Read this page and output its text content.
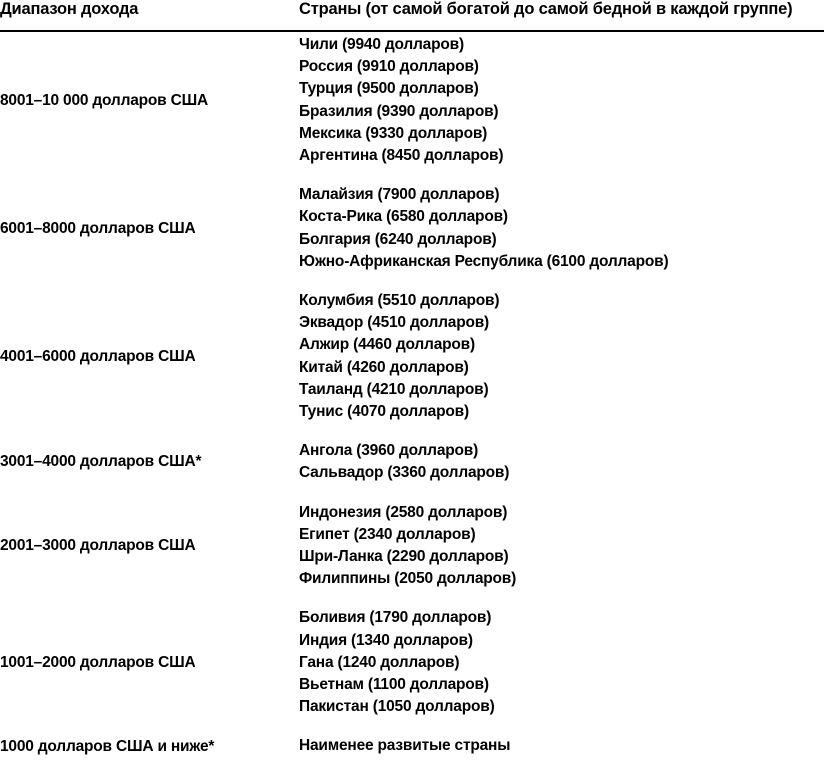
Диапазон дохода	Страны (от самой богатой до самой бедной в каждой группе)
8001–10 000 долларов США
Чили (9940 долларов)
Россия (9910 долларов)
Турция (9500 долларов)
Бразилия (9390 долларов)
Мексика (9330 долларов)
Аргентина (8450 долларов)
6001–8000 долларов США
Малайзия (7900 долларов)
Коста-Рика (6580 долларов)
Болгария (6240 долларов)
Южно-Африканская Республика (6100 долларов)
4001–6000 долларов США
Колумбия (5510 долларов)
Эквадор (4510 долларов)
Алжир (4460 долларов)
Китай (4260 долларов)
Таиланд (4210 долларов)
Тунис (4070 долларов)
3001–4000 долларов США*
Ангола (3960 долларов)
Сальвадор (3360 долларов)
2001–3000 долларов США
Индонезия (2580 долларов)
Египет (2340 долларов)
Шри-Ланка (2290 долларов)
Филиппины (2050 долларов)
1001–2000 долларов США
Боливия (1790 долларов)
Индия (1340 долларов)
Гана (1240 долларов)
Вьетнам (1100 долларов)
Пакистан (1050 долларов)
1000 долларов США и ниже*	Наименее развитые страны
